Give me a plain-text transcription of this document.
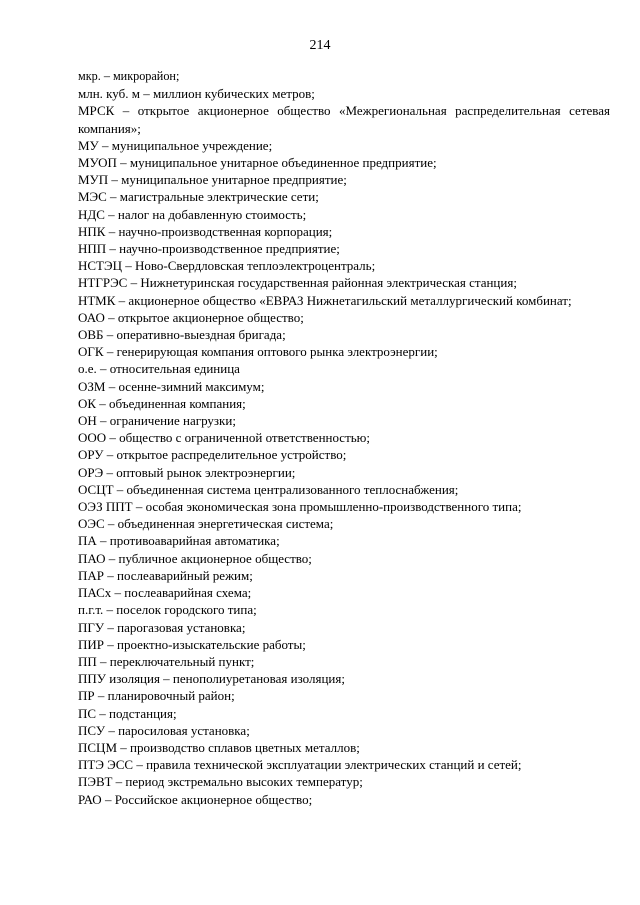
214
мкр. – микрорайон;
млн. куб. м – миллион кубических метров;
МРСК – открытое акционерное общество «Межрегиональная распределительная сетевая компания»;
МУ – муниципальное учреждение;
МУОП – муниципальное унитарное объединенное предприятие;
МУП – муниципальное унитарное предприятие;
МЭС – магистральные электрические сети;
НДС – налог на добавленную стоимость;
НПК – научно-производственная корпорация;
НПП – научно-производственное предприятие;
НСТЭЦ – Ново-Свердловская теплоэлектроцентраль;
НТГРЭС – Нижнетуринская государственная районная электрическая станция;
НТМК – акционерное общество «ЕВРАЗ Нижнетагильский металлургический комбинат;
ОАО – открытое акционерное общество;
ОВБ – оперативно-выездная бригада;
ОГК – генерирующая компания оптового рынка электроэнергии;
о.е. – относительная единица
ОЗМ – осенне-зимний максимум;
ОК – объединенная компания;
ОН – ограничение нагрузки;
ООО – общество с ограниченной ответственностью;
ОРУ – открытое распределительное устройство;
ОРЭ – оптовый рынок электроэнергии;
ОСЦТ – объединенная система централизованного теплоснабжения;
ОЭЗ ППТ – особая экономическая зона промышленно-производственного типа;
ОЭС – объединенная энергетическая система;
ПА – противоаварийная автоматика;
ПАО – публичное акционерное общество;
ПАР – послеаварийный режим;
ПАСх – послеаварийная схема;
п.г.т. – поселок городского типа;
ПГУ – парогазовая установка;
ПИР – проектно-изыскательские работы;
ПП – переключательный пункт;
ППУ изоляция – пенополиуретановая изоляция;
ПР – планировочный район;
ПС – подстанция;
ПСУ – паросиловая установка;
ПСЦМ – производство сплавов цветных металлов;
ПТЭ ЭСС – правила технической эксплуатации электрических станций и сетей;
ПЭВТ – период экстремально высоких температур;
РАО – Российское акционерное общество;
